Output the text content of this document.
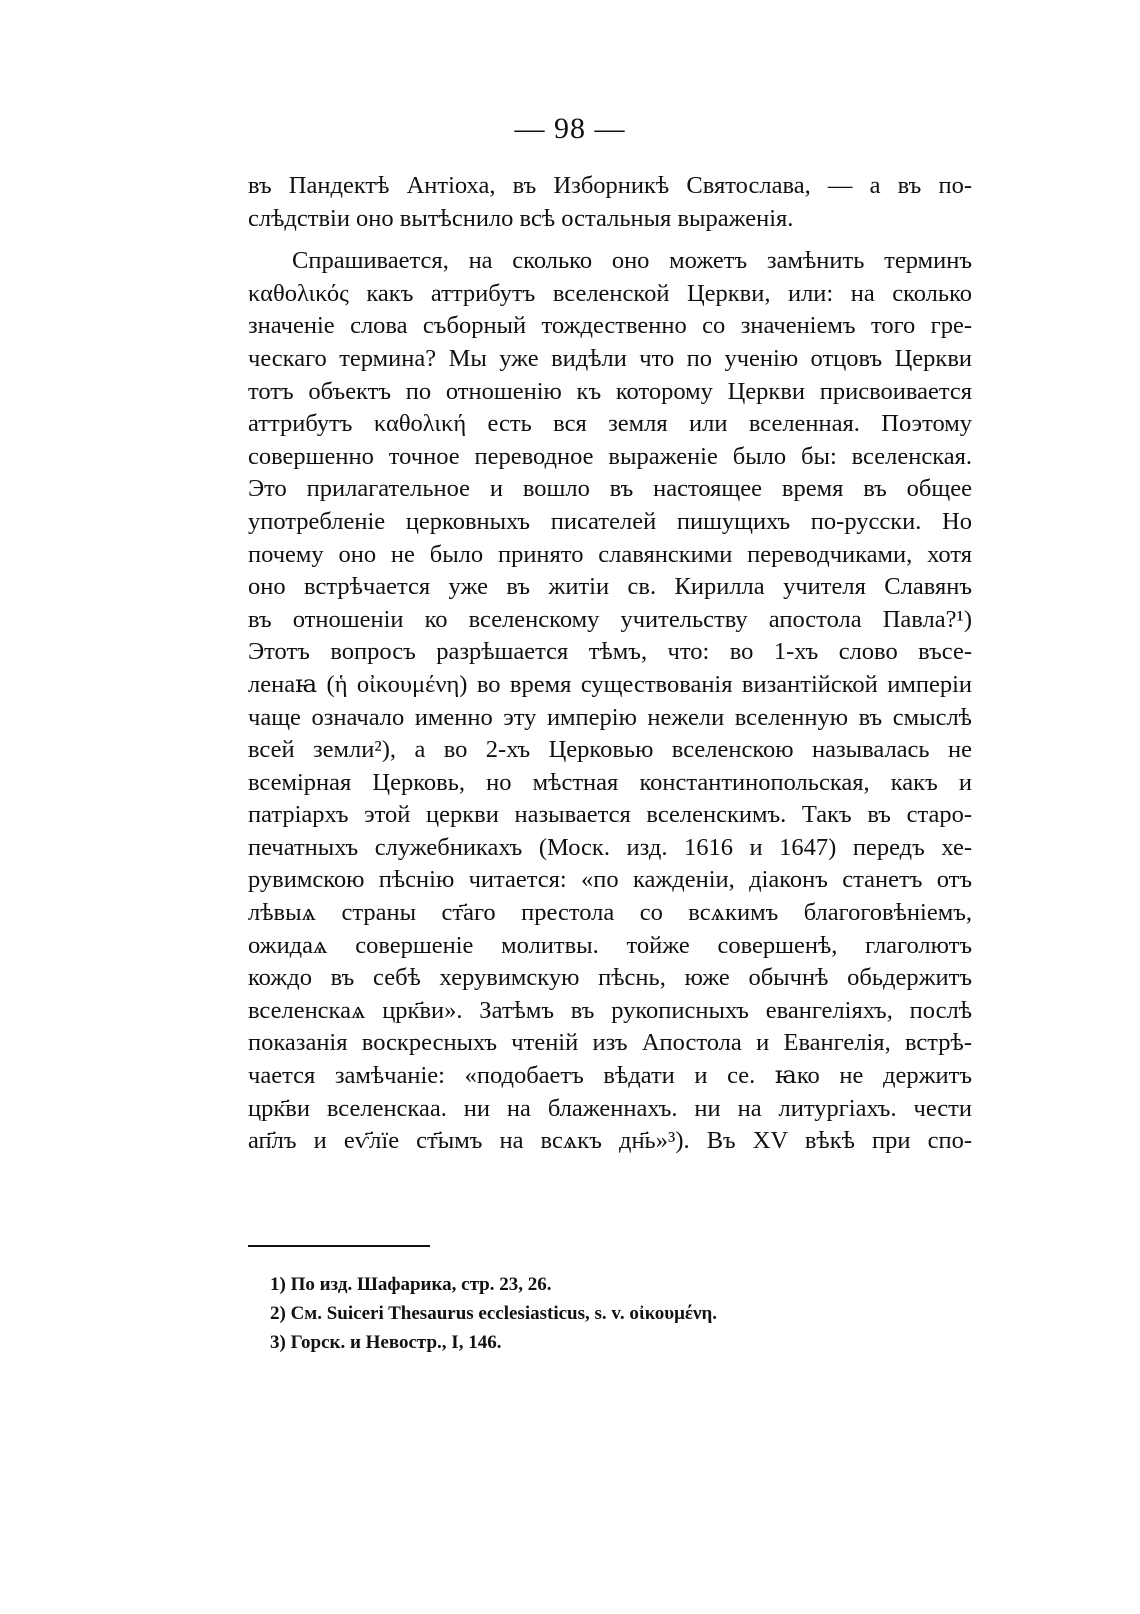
— 98 —
въ Пандектѣ Антіоха, въ Изборникѣ Святослава, — а въ по-
слѣдствіи оно вытѣснило всѣ остальныя выраженія.
Спрашивается, на сколько оно можетъ замѣнить терминъ
καθολικός какъ аттрибутъ вселенской Церкви, или: на сколько
значеніе слова съборный тождественно со значеніемъ того гре-
ческаго термина? Мы уже видѣли что по ученію отцовъ Церкви
тотъ объектъ по отношенію къ которому Церкви присвоивается
аттрибутъ καθολική есть вся земля или вселенная. Поэтому
совершенно точное переводное выраженіе было бы: вселенская.
Это прилагательное и вошло въ настоящее время въ общее
употребленіе церковныхъ писателей пишущихъ по-русски. Но
почему оно не было принято славянскими переводчиками, хотя
оно встрѣчается уже въ житіи св. Кирилла учителя Славянъ
въ отношеніи ко вселенскому учительству апостола Павла?¹)
Этотъ вопросъ разрѣшается тѣмъ, что: во 1-хъ слово въсе-
ленаꙗ (ἡ οἰκουμένη) во время существованія византійской имперіи
чаще означало именно эту имперію нежели вселенную въ смыслѣ
всей земли²), а во 2-хъ Церковью вселенскою называлась не
всемірная Церковь, но мѣстная константинопольская, какъ и
патріархъ этой церкви называется вселенскимъ. Такъ въ старо-
печатныхъ служебникахъ (Моск. изд. 1616 и 1647) передъ хе-
рувимскою пѣснію читается: «по кажденіи, діаконъ станетъ отъ
лѣвыѧ страны ст҃аго престола со всѧкимъ благоговѣніемъ,
ожидаѧ совершеніе молитвы. тойже совершенѣ, глаголютъ
кождо въ себѣ херувимскую пѣснь, юже обычнѣ обьдержитъ
вселенскаѧ црк҃ви». Затѣмъ въ рукописныхъ евангеліяхъ, послѣ
показанія воскресныхъ чтеній изъ Апостола и Евангелія, встрѣ-
чается замѣчаніе: «подобаетъ вѣдати и се. ꙗко не держитъ
црк҃ви вселенскаа. ни на блаженнахъ. ни на литургіахъ. чести
ап҃лъ и еѵ҃лїе ст҃ымъ на всѧкъ дн҃ь»³). Въ XV вѣкѣ при спо-
1) По изд. Шафарика, стр. 23, 26.
2) См. Suiceri Thesaurus ecclesiasticus, s. v. οἰκουμένη.
3) Горск. и Невостр., I, 146.
